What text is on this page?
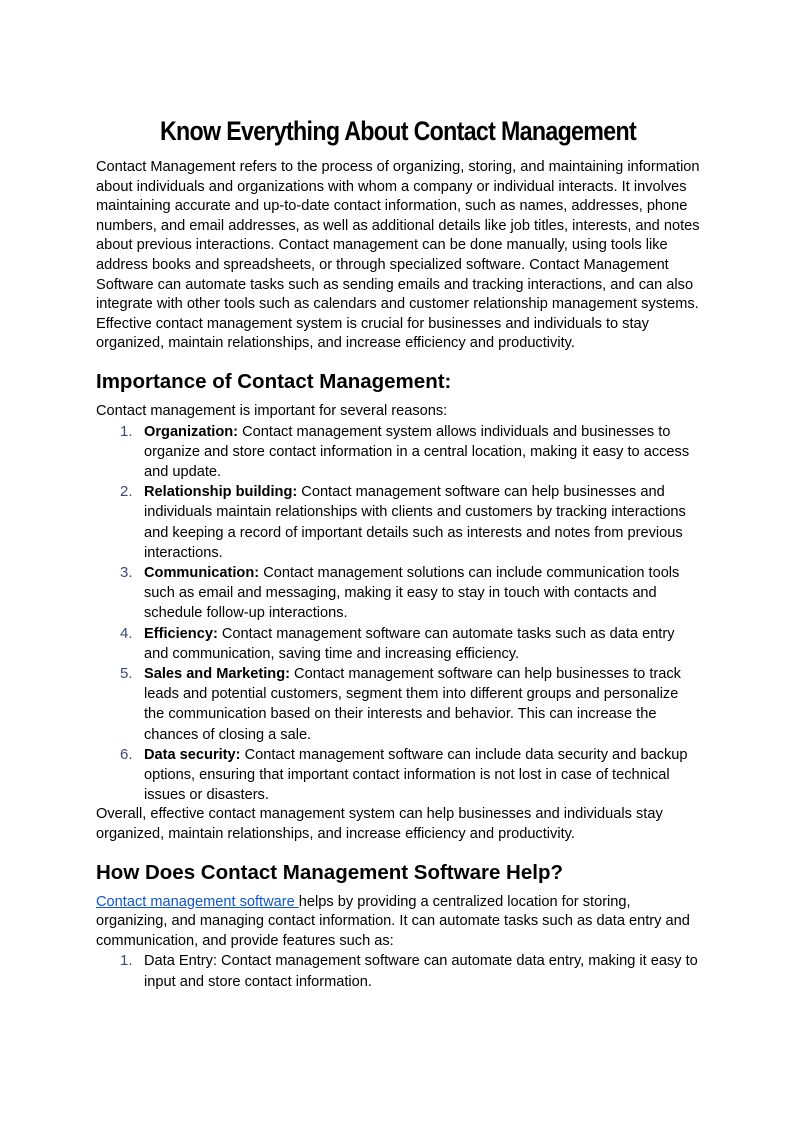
Know Everything About Contact Management

Contact Management refers to the process of organizing, storing, and maintaining information about individuals and organizations with whom a company or individual interacts. It involves maintaining accurate and up-to-date contact information, such as names, addresses, phone numbers, and email addresses, as well as additional details like job titles, interests, and notes about previous interactions. Contact management can be done manually, using tools like address books and spreadsheets, or through specialized software. Contact Management Software can automate tasks such as sending emails and tracking interactions, and can also integrate with other tools such as calendars and customer relationship management systems. Effective contact management system is crucial for businesses and individuals to stay organized, maintain relationships, and increase efficiency and productivity.

Importance of Contact Management:

Contact management is important for several reasons:

1. Organization: Contact management system allows individuals and businesses to organize and store contact information in a central location, making it easy to access and update.
2. Relationship building: Contact management software can help businesses and individuals maintain relationships with clients and customers by tracking interactions and keeping a record of important details such as interests and notes from previous interactions.
3. Communication: Contact management solutions can include communication tools such as email and messaging, making it easy to stay in touch with contacts and schedule follow-up interactions.
4. Efficiency: Contact management software can automate tasks such as data entry and communication, saving time and increasing efficiency.
5. Sales and Marketing: Contact management software can help businesses to track leads and potential customers, segment them into different groups and personalize the communication based on their interests and behavior. This can increase the chances of closing a sale.
6. Data security: Contact management software can include data security and backup options, ensuring that important contact information is not lost in case of technical issues or disasters.

Overall, effective contact management system can help businesses and individuals stay organized, maintain relationships, and increase efficiency and productivity.

How Does Contact Management Software Help?

Contact management software helps by providing a centralized location for storing, organizing, and managing contact information. It can automate tasks such as data entry and communication, and provide features such as:

1. Data Entry: Contact management software can automate data entry, making it easy to input and store contact information.
